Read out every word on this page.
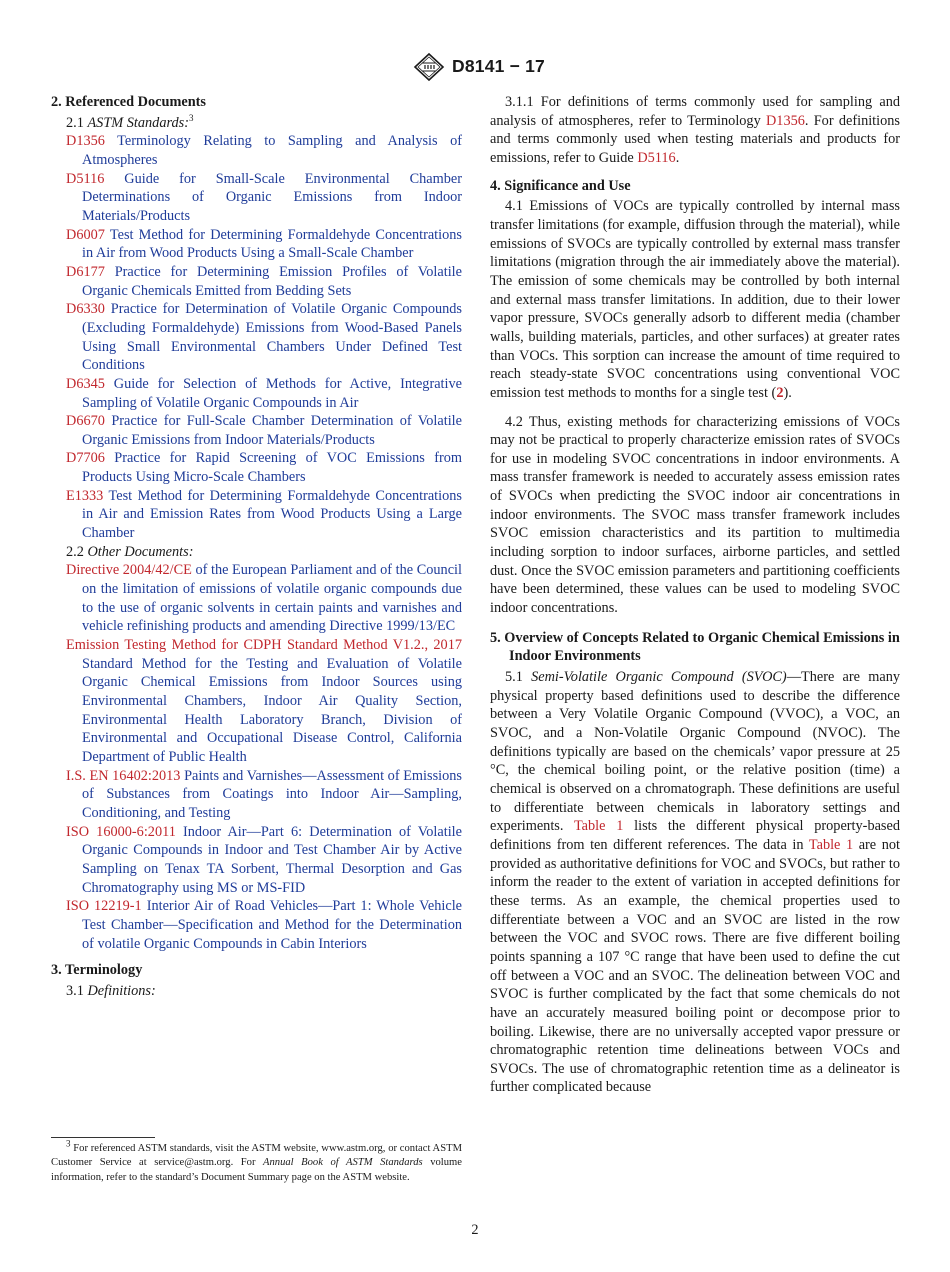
D8141 − 17
2. Referenced Documents
2.1 ASTM Standards:$^3$
D1356 Terminology Relating to Sampling and Analysis of Atmospheres
D5116 Guide for Small-Scale Environmental Chamber Determinations of Organic Emissions from Indoor Materials/Products
D6007 Test Method for Determining Formaldehyde Concentrations in Air from Wood Products Using a Small-Scale Chamber
D6177 Practice for Determining Emission Profiles of Volatile Organic Chemicals Emitted from Bedding Sets
D6330 Practice for Determination of Volatile Organic Compounds (Excluding Formaldehyde) Emissions from Wood-Based Panels Using Small Environmental Chambers Under Defined Test Conditions
D6345 Guide for Selection of Methods for Active, Integrative Sampling of Volatile Organic Compounds in Air
D6670 Practice for Full-Scale Chamber Determination of Volatile Organic Emissions from Indoor Materials/Products
D7706 Practice for Rapid Screening of VOC Emissions from Products Using Micro-Scale Chambers
E1333 Test Method for Determining Formaldehyde Concentrations in Air and Emission Rates from Wood Products Using a Large Chamber
2.2 Other Documents:
Directive 2004/42/CE of the European Parliament and of the Council on the limitation of emissions of volatile organic compounds due to the use of organic solvents in certain paints and varnishes and vehicle refinishing products and amending Directive 1999/13/EC
Emission Testing Method for CDPH Standard Method V1.2., 2017 Standard Method for the Testing and Evaluation of Volatile Organic Chemical Emissions from Indoor Sources using Environmental Chambers, Indoor Air Quality Section, Environmental Health Laboratory Branch, Division of Environmental and Occupational Disease Control, California Department of Public Health
I.S. EN 16402:2013 Paints and Varnishes—Assessment of Emissions of Substances from Coatings into Indoor Air—Sampling, Conditioning, and Testing
ISO 16000-6:2011 Indoor Air—Part 6: Determination of Volatile Organic Compounds in Indoor and Test Chamber Air by Active Sampling on Tenax TA Sorbent, Thermal Desorption and Gas Chromatography using MS or MS-FID
ISO 12219-1 Interior Air of Road Vehicles—Part 1: Whole Vehicle Test Chamber—Specification and Method for the Determination of volatile Organic Compounds in Cabin Interiors
3. Terminology
3.1 Definitions:
$^3$ For referenced ASTM standards, visit the ASTM website, www.astm.org, or contact ASTM Customer Service at service@astm.org. For Annual Book of ASTM Standards volume information, refer to the standard’s Document Summary page on the ASTM website.
3.1.1 For definitions of terms commonly used for sampling and analysis of atmospheres, refer to Terminology D1356. For definitions and terms commonly used when testing materials and products for emissions, refer to Guide D5116.
4. Significance and Use
4.1 Emissions of VOCs are typically controlled by internal mass transfer limitations (for example, diffusion through the material), while emissions of SVOCs are typically controlled by external mass transfer limitations (migration through the air immediately above the material). The emission of some chemicals may be controlled by both internal and external mass transfer limitations. In addition, due to their lower vapor pressure, SVOCs generally adsorb to different media (chamber walls, building materials, particles, and other surfaces) at greater rates than VOCs. This sorption can increase the amount of time required to reach steady-state SVOC concentrations using conventional VOC emission test methods to months for a single test (2).
4.2 Thus, existing methods for characterizing emissions of VOCs may not be practical to properly characterize emission rates of SVOCs for use in modeling SVOC concentrations in indoor environments. A mass transfer framework is needed to accurately assess emission rates of SVOCs when predicting the SVOC indoor air concentrations in indoor environments. The SVOC mass transfer framework includes SVOC emission characteristics and its partition to multimedia including sorption to indoor surfaces, airborne particles, and settled dust. Once the SVOC emission parameters and partitioning coefficients have been determined, these values can be used to modeling SVOC indoor concentrations.
5. Overview of Concepts Related to Organic Chemical Emissions in Indoor Environments
5.1 Semi-Volatile Organic Compound (SVOC)—There are many physical property based definitions used to describe the difference between a Very Volatile Organic Compound (VVOC), a VOC, an SVOC, and a Non-Volatile Organic Compound (NVOC). The definitions typically are based on the chemicals’ vapor pressure at 25 °C, the chemical boiling point, or the relative position (time) a chemical is observed on a chromatograph. These definitions are useful to differentiate between chemicals in laboratory settings and experiments. Table 1 lists the different physical property-based definitions from ten different references. The data in Table 1 are not provided as authoritative definitions for VOC and SVOCs, but rather to inform the reader to the extent of variation in accepted definitions for these terms. As an example, the chemical properties used to differentiate between a VOC and an SVOC are listed in the row between the VOC and SVOC rows. There are five different boiling points spanning a 107 °C range that have been used to define the cut off between a VOC and an SVOC. The delineation between VOC and SVOC is further complicated by the fact that some chemicals do not have an accurately measured boiling point or decompose prior to boiling. Likewise, there are no universally accepted vapor pressure or chromatographic retention time delineations between VOCs and SVOCs. The use of chromatographic retention time as a delineator is further complicated because
2
